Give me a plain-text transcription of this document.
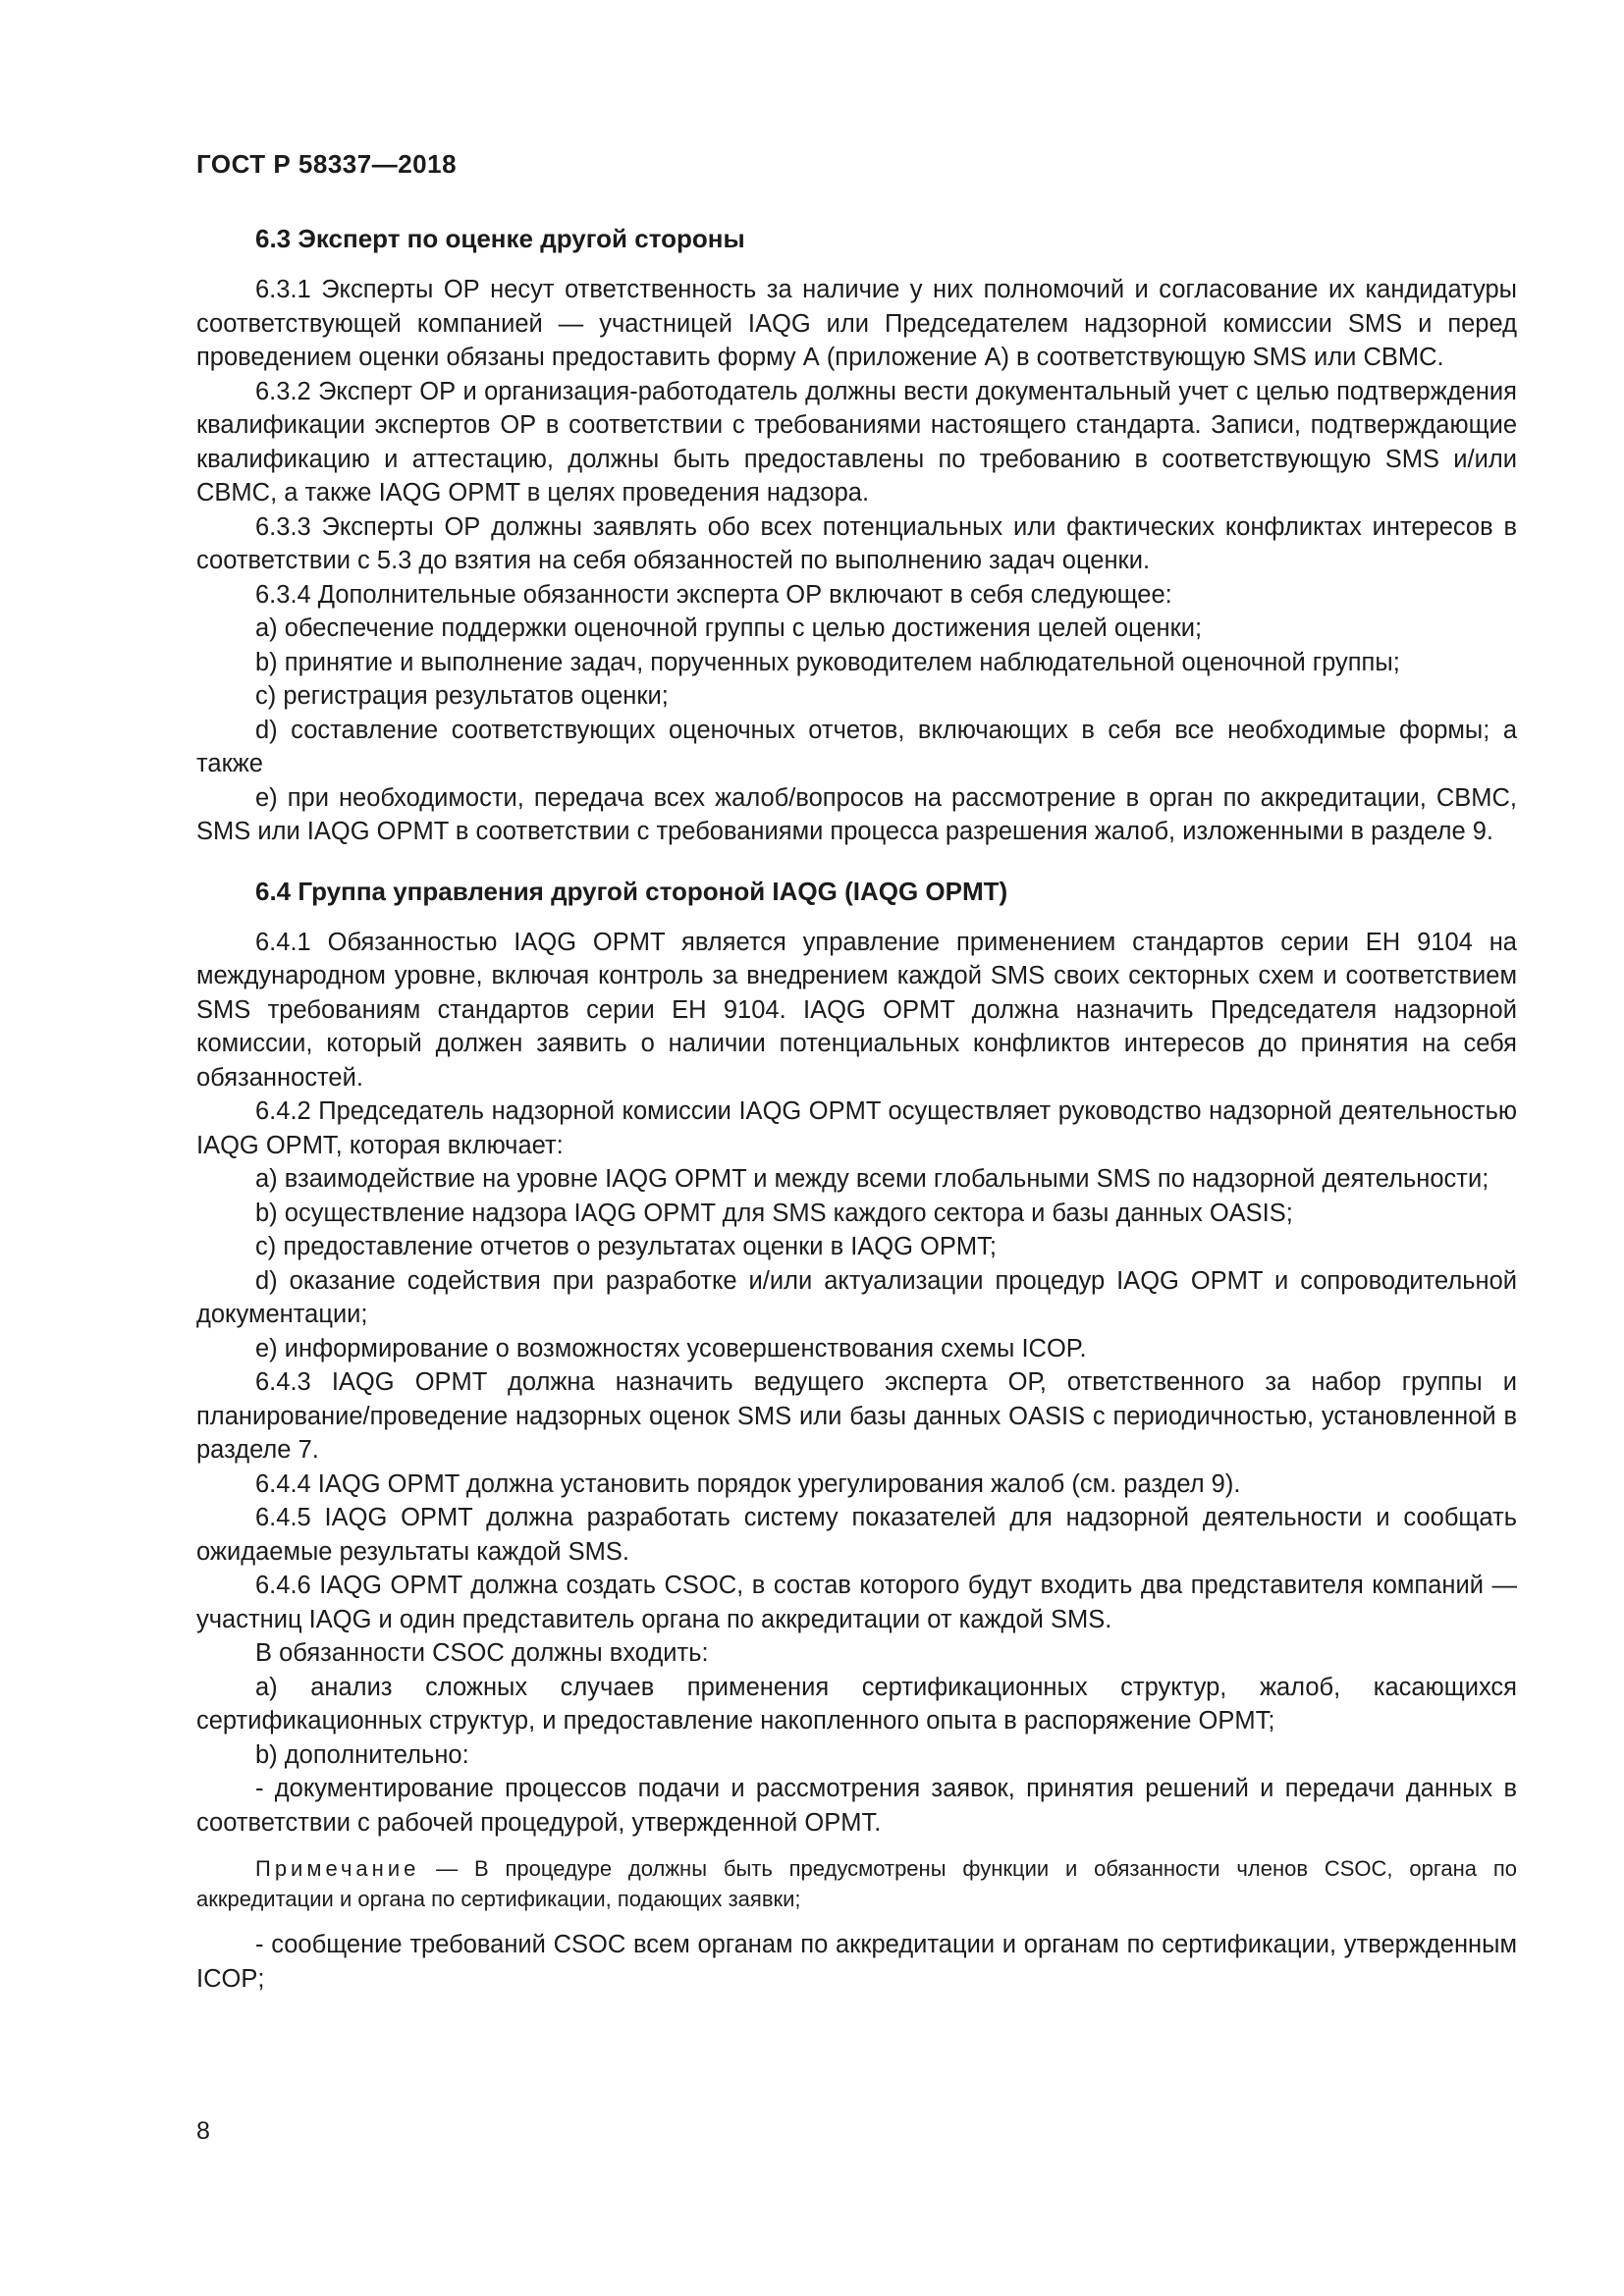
ГОСТ Р 58337—2018

6.3 Эксперт по оценке другой стороны

6.3.1 Эксперты ОР несут ответственность за наличие у них полномочий и согласование их кандидатуры соответствующей компанией — участницей IAQG или Председателем надзорной комиссии SMS и перед проведением оценки обязаны предоставить форму А (приложение А) в соответствующую SMS или CBMC.

6.3.2 Эксперт ОР и организация-работодатель должны вести документальный учет с целью подтверждения квалификации экспертов ОР в соответствии с требованиями настоящего стандарта. Записи, подтверждающие квалификацию и аттестацию, должны быть предоставлены по требованию в соответствующую SMS и/или CBMC, а также IAQG OPMT в целях проведения надзора.

6.3.3 Эксперты ОР должны заявлять обо всех потенциальных или фактических конфликтах интересов в соответствии с 5.3 до взятия на себя обязанностей по выполнению задач оценки.

6.3.4 Дополнительные обязанности эксперта ОР включают в себя следующее:

a) обеспечение поддержки оценочной группы с целью достижения целей оценки;

b) принятие и выполнение задач, порученных руководителем наблюдательной оценочной группы;

c) регистрация результатов оценки;

d) составление соответствующих оценочных отчетов, включающих в себя все необходимые формы; а также

e) при необходимости, передача всех жалоб/вопросов на рассмотрение в орган по аккредитации, CBMC, SMS или IAQG OPMT в соответствии с требованиями процесса разрешения жалоб, изложенными в разделе 9.

6.4 Группа управления другой стороной IAQG (IAQG OPMT)

6.4.1 Обязанностью IAQG OPMT является управление применением стандартов серии ЕН 9104 на международном уровне, включая контроль за внедрением каждой SMS своих секторных схем и соответствием SMS требованиям стандартов серии ЕН 9104. IAQG OPMT должна назначить Председателя надзорной комиссии, который должен заявить о наличии потенциальных конфликтов интересов до принятия на себя обязанностей.

6.4.2 Председатель надзорной комиссии IAQG OPMT осуществляет руководство надзорной деятельностью IAQG OPMT, которая включает:

a) взаимодействие на уровне IAQG OPMT и между всеми глобальными SMS по надзорной деятельности;

b) осуществление надзора IAQG OPMT для SMS каждого сектора и базы данных OASIS;

c) предоставление отчетов о результатах оценки в IAQG OPMT;

d) оказание содействия при разработке и/или актуализации процедур IAQG OPMT и сопроводительной документации;

e) информирование о возможностях усовершенствования схемы ICOP.

6.4.3 IAQG OPMT должна назначить ведущего эксперта ОР, ответственного за набор группы и планирование/проведение надзорных оценок SMS или базы данных OASIS с периодичностью, установленной в разделе 7.

6.4.4 IAQG OPMT должна установить порядок урегулирования жалоб (см. раздел 9).

6.4.5 IAQG OPMT должна разработать систему показателей для надзорной деятельности и сообщать ожидаемые результаты каждой SMS.

6.4.6 IAQG OPMT должна создать CSOC, в состав которого будут входить два представителя компаний — участниц IAQG и один представитель органа по аккредитации от каждой SMS.

В обязанности CSOC должны входить:

a) анализ сложных случаев применения сертификационных структур, жалоб, касающихся сертификационных структур, и предоставление накопленного опыта в распоряжение OPMT;

b) дополнительно:

- документирование процессов подачи и рассмотрения заявок, принятия решений и передачи данных в соответствии с рабочей процедурой, утвержденной OPMT.

Примечание — В процедуре должны быть предусмотрены функции и обязанности членов CSOC, органа по аккредитации и органа по сертификации, подающих заявки;

- сообщение требований CSOC всем органам по аккредитации и органам по сертификации, утвержденным ICOP;

8
